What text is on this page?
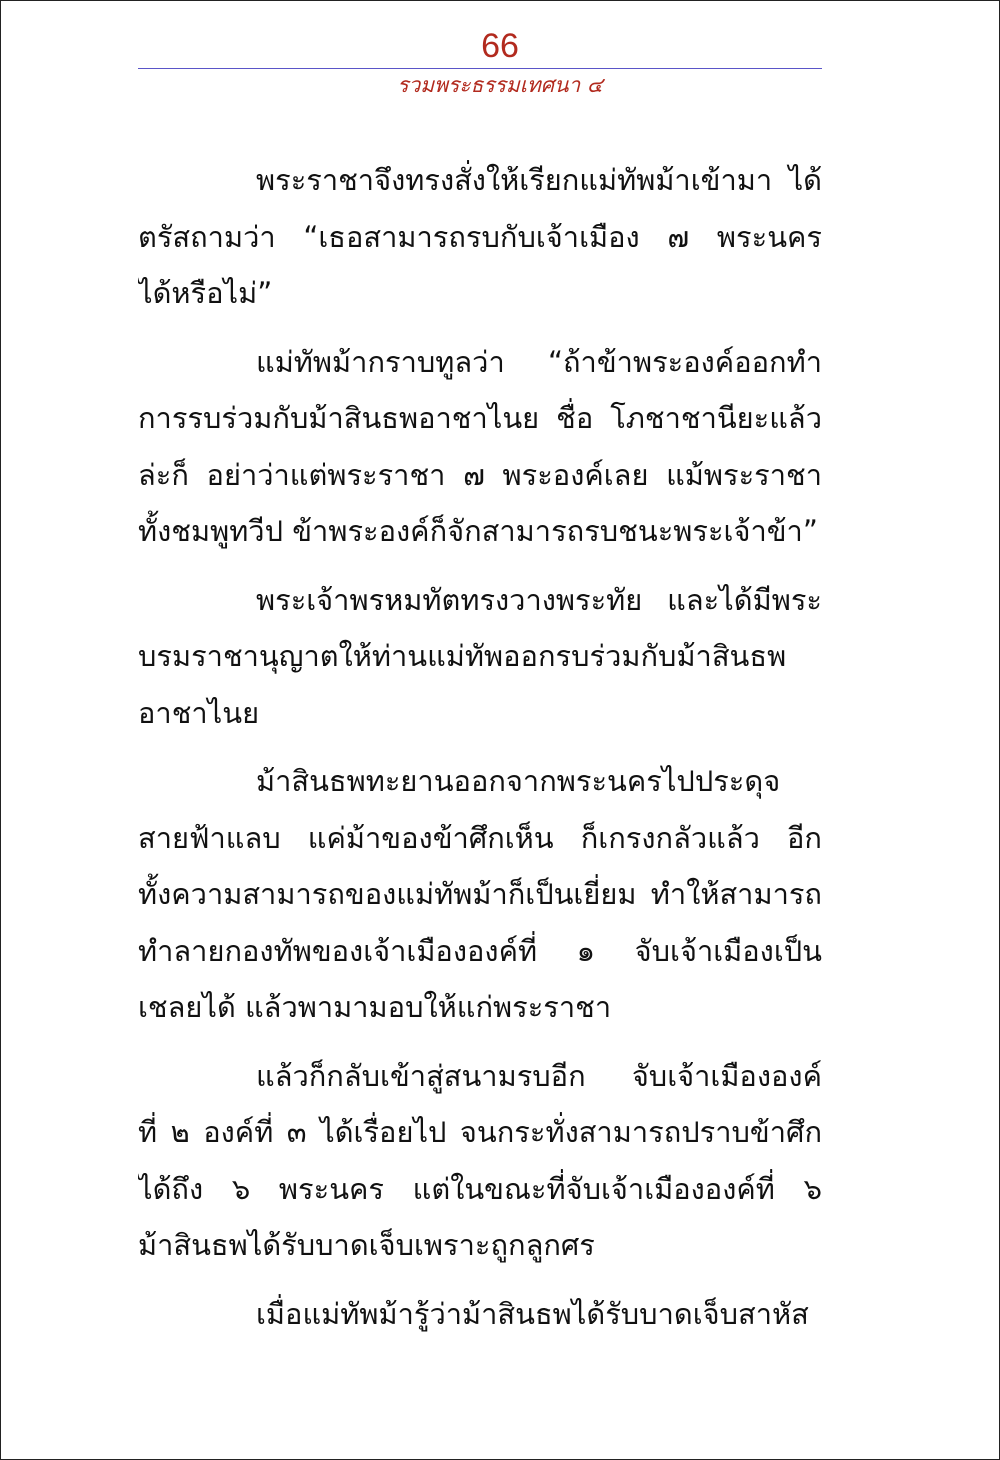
66
รวมพระธรรมเทศนา ๔
พระราชาจึงทรงสั่งให้เรียกแม่ทัพม้าเข้ามา ได้
ตรัสถามว่า “เธอสามารถรบกับเจ้าเมือง ๗ พระนคร
ได้หรือไม่”
แม่ทัพม้ากราบทูลว่า “ถ้าข้าพระองค์ออกทำ
การรบร่วมกับม้าสินธพอาชาไนย ชื่อ โภชาชานียะแล้ว
ล่ะก็ อย่าว่าแต่พระราชา ๗ พระองค์เลย แม้พระราชา
ทั้งชมพูทวีป ข้าพระองค์ก็จักสามารถรบชนะพระเจ้าข้า”
พระเจ้าพรหมทัตทรงวางพระทัย และได้มีพระ
บรมราชานุญาตให้ท่านแม่ทัพออกรบร่วมกับม้าสินธพ
อาชาไนย
ม้าสินธพทะยานออกจากพระนครไปประดุจ
สายฟ้าแลบ แค่ม้าของข้าศึกเห็น ก็เกรงกลัวแล้ว อีก
ทั้งความสามารถของแม่ทัพม้าก็เป็นเยี่ยม ทำให้สามารถ
ทำลายกองทัพของเจ้าเมืององค์ที่ ๑ จับเจ้าเมืองเป็น
เชลยได้ แล้วพามามอบให้แก่พระราชา
แล้วก็กลับเข้าสู่สนามรบอีก จับเจ้าเมืององค์
ที่ ๒ องค์ที่ ๓ ได้เรื่อยไป จนกระทั่งสามารถปราบข้าศึก
ได้ถึง ๖ พระนคร แต่ในขณะที่จับเจ้าเมืององค์ที่ ๖
ม้าสินธพได้รับบาดเจ็บเพราะถูกลูกศร
เมื่อแม่ทัพม้ารู้ว่าม้าสินธพได้รับบาดเจ็บสาหัส
